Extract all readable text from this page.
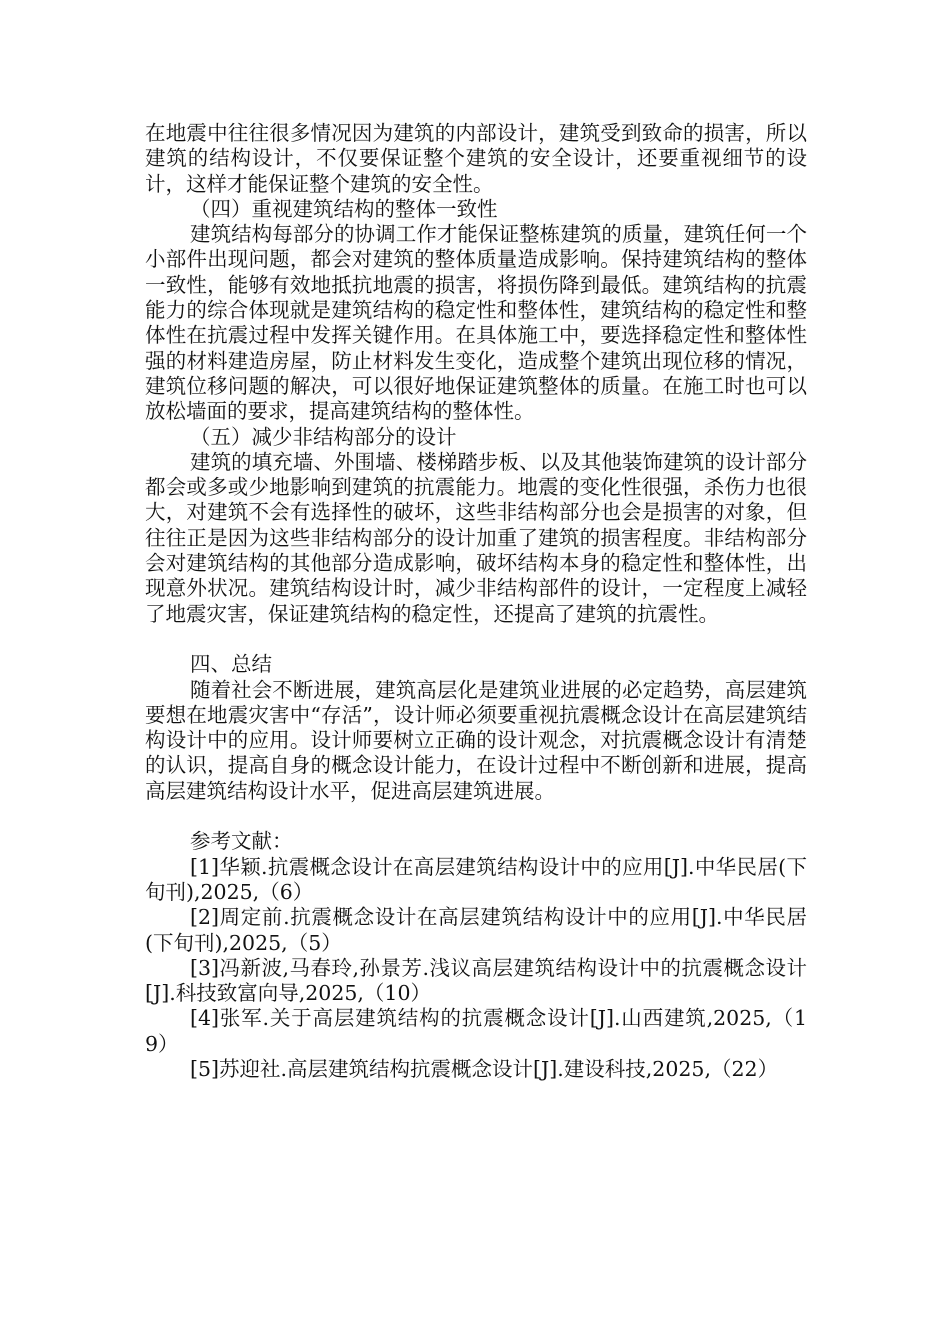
在地震中往往很多情况因为建筑的内部设计，建筑受到致命的损害，所以建筑的结构设计，不仅要保证整个建筑的安全设计，还要重视细节的设计，这样才能保证整个建筑的安全性。

（四）重视建筑结构的整体一致性

建筑结构每部分的协调工作才能保证整栋建筑的质量，建筑任何一个小部件出现问题，都会对建筑的整体质量造成影响。保持建筑结构的整体一致性，能够有效地抵抗地震的损害，将损伤降到最低。建筑结构的抗震能力的综合体现就是建筑结构的稳定性和整体性，建筑结构的稳定性和整体性在抗震过程中发挥关键作用。在具体施工中，要选择稳定性和整体性强的材料建造房屋，防止材料发生变化，造成整个建筑出现位移的情况，建筑位移问题的解决，可以很好地保证建筑整体的质量。在施工时也可以放松墙面的要求，提高建筑结构的整体性。

（五）减少非结构部分的设计

建筑的填充墙、外围墙、楼梯踏步板、以及其他装饰建筑的设计部分都会或多或少地影响到建筑的抗震能力。地震的变化性很强，杀伤力也很大，对建筑不会有选择性的破坏，这些非结构部分也会是损害的对象，但往往正是因为这些非结构部分的设计加重了建筑的损害程度。非结构部分会对建筑结构的其他部分造成影响，破坏结构本身的稳定性和整体性，出现意外状况。建筑结构设计时，减少非结构部件的设计，一定程度上减轻了地震灾害，保证建筑结构的稳定性，还提高了建筑的抗震性。

四、总结

随着社会不断进展，建筑高层化是建筑业进展的必定趋势，高层建筑要想在地震灾害中“存活”，设计师必须要重视抗震概念设计在高层建筑结构设计中的应用。设计师要树立正确的设计观念，对抗震概念设计有清楚的认识，提高自身的概念设计能力，在设计过程中不断创新和进展，提高高层建筑结构设计水平，促进高层建筑进展。

参考文献：

[1]华颖.抗震概念设计在高层建筑结构设计中的应用[J].中华民居(下旬刊),2025,（6）

[2]周定前.抗震概念设计在高层建筑结构设计中的应用[J].中华民居(下旬刊),2025,（5）

[3]冯新波,马春玲,孙景芳.浅议高层建筑结构设计中的抗震概念设计[J].科技致富向导,2025,（10）

[4]张军.关于高层建筑结构的抗震概念设计[J].山西建筑,2025,（19）

[5]苏迎社.高层建筑结构抗震概念设计[J].建设科技,2025,（22）
